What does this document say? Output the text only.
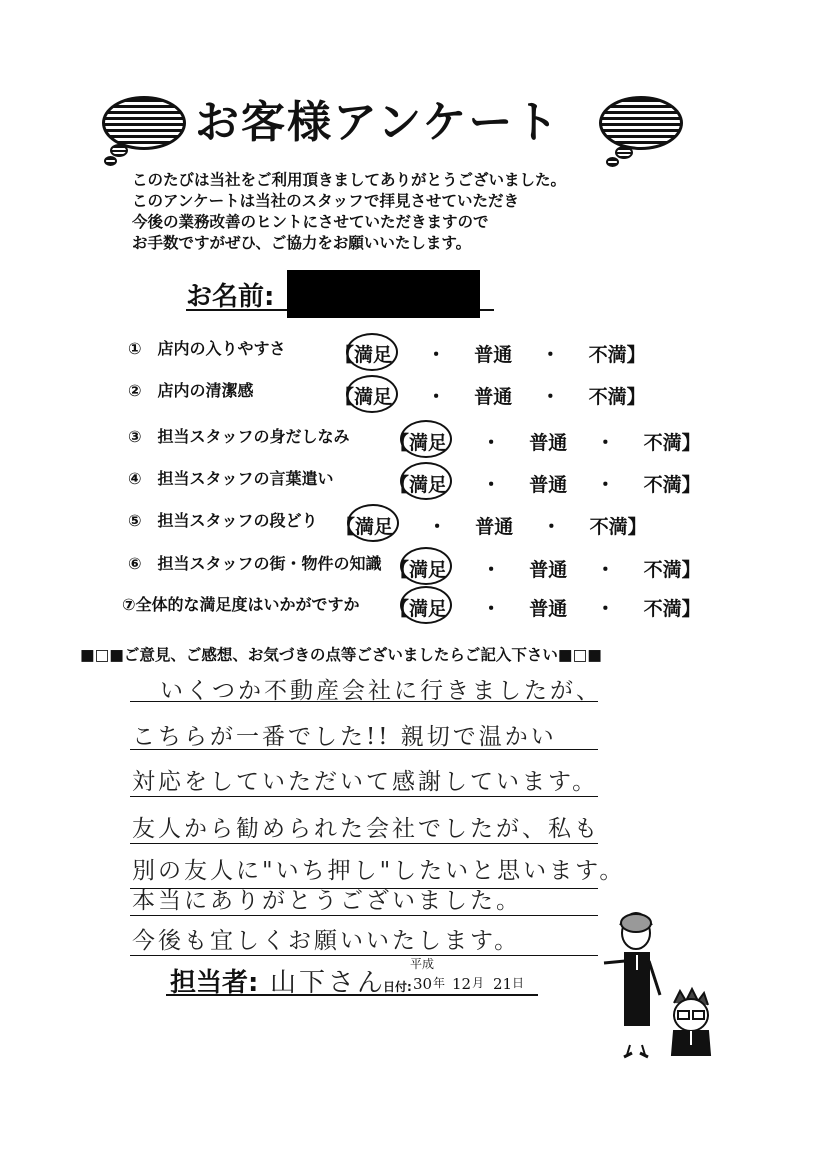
お客様アンケート
このたびは当社をご利用頂きましてありがとうございました。
このアンケートは当社のスタッフで拝見させていただき
今後の業務改善のヒントにさせていただきますので
お手数ですがぜひ、ご協力をお願いいたします。
お名前:
①　店内の入りやすさ	【満足 ・ 普通 ・ 不満】
②　店内の清潔感	【満足 ・ 普通 ・ 不満】
③　担当スタッフの身だしなみ 【満足 ・ 普通 ・ 不満】
④　担当スタッフの言葉遣い	【満足 ・ 普通 ・ 不満】
⑤　担当スタッフの段どり 【満足 ・ 普通 ・ 不満】
⑥　担当スタッフの街・物件の知識 【満足 ・ 普通 ・ 不満】
⑦全体的な満足度はいかがですか 【満足 ・ 普通 ・ 不満】
■□■ご意見、ご感想、お気づきの点等ございましたらご記入下さい■□■
いくつか不動産会社に行きましたが、
こちらが一番でした!! 親切で温かい
対応をしていただいて感謝しています。
友人から勧められた会社でしたが、私も
別の友人に"いち押し"したいと思います。
本当にありがとうございました。
今後も宜しくお願いいたします。
担当者: 山下さん
日付:
平成
30 年 12 月 21 日
